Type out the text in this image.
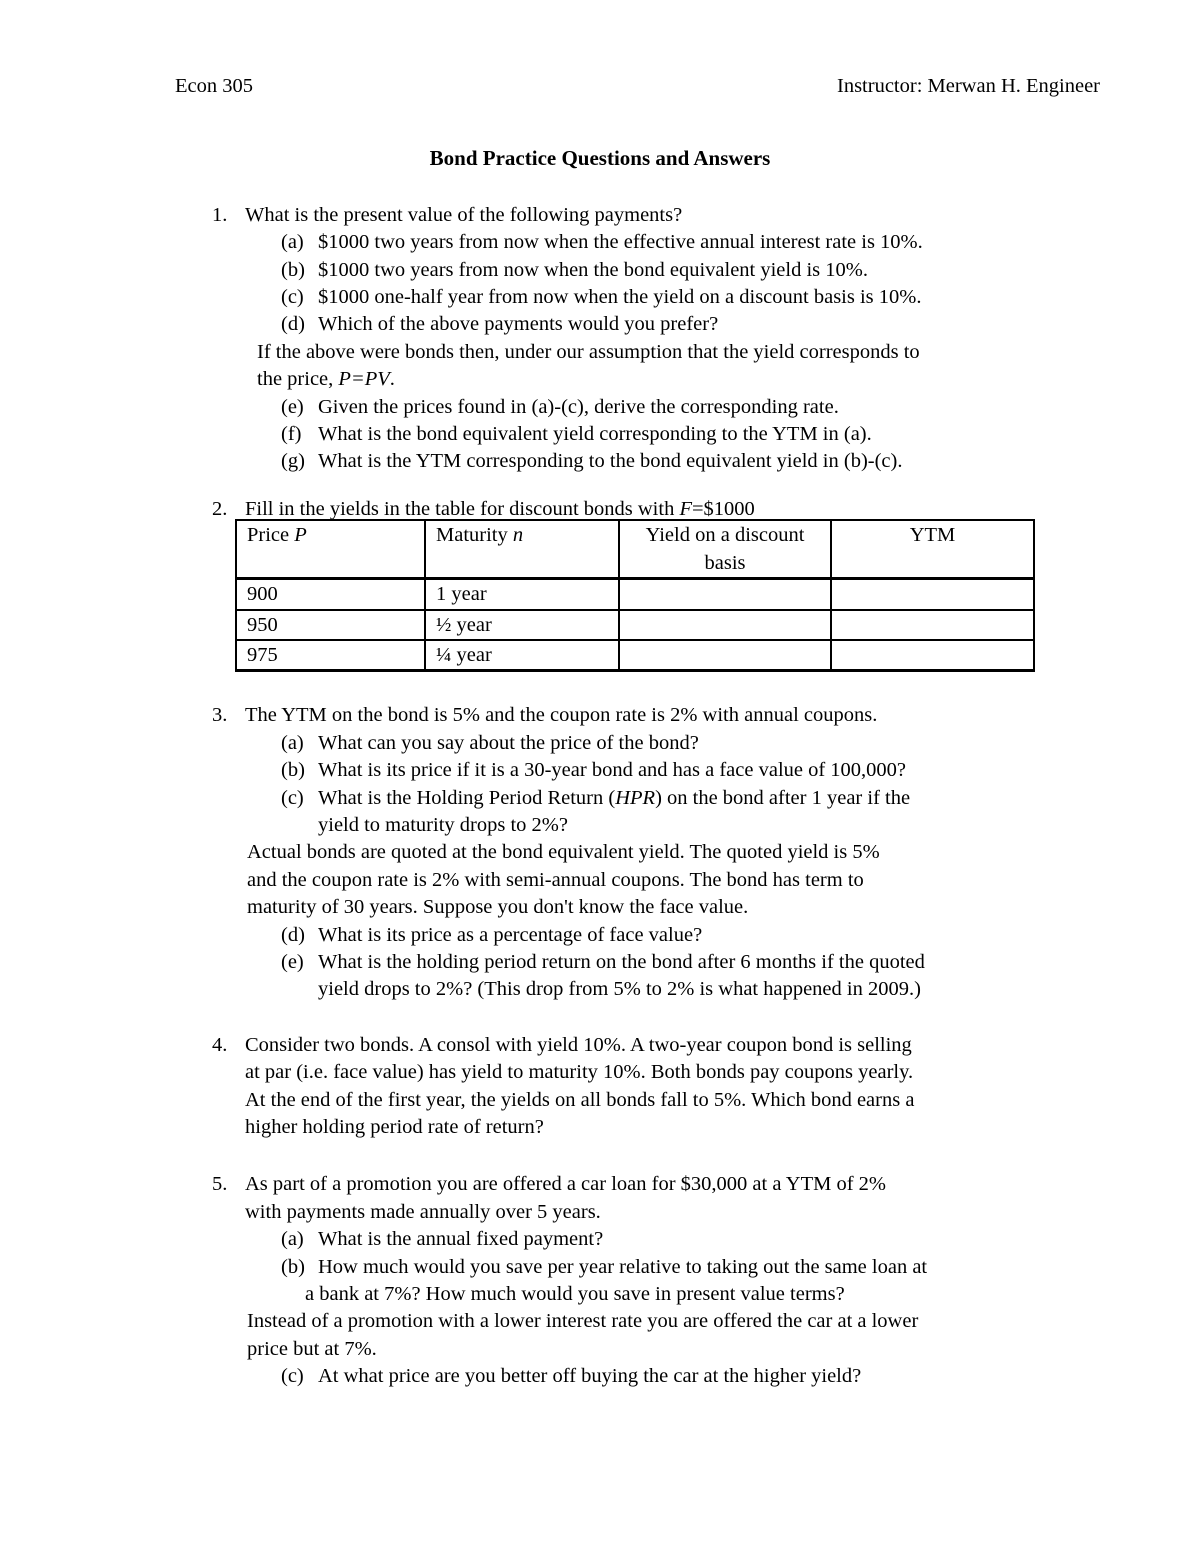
Econ 305	Instructor: Merwan H. Engineer
Bond Practice Questions and Answers
1. What is the present value of the following payments?
(a) $1000 two years from now when the effective annual interest rate is 10%.
(b) $1000 two years from now when the bond equivalent yield is 10%.
(c) $1000 one-half year from now when the yield on a discount basis is 10%.
(d) Which of the above payments would you prefer?
If the above were bonds then, under our assumption that the yield corresponds to
the price, P=PV.
(e) Given the prices found in (a)-(c), derive the corresponding rate.
(f) What is the bond equivalent yield corresponding to the YTM in (a).
(g) What is the YTM corresponding to the bond equivalent yield in (b)-(c).
2. Fill in the yields in the table for discount bonds with F=$1000
Price P	Maturity n	Yield on a discount basis	YTM
900	1 year		
950	½ year		
975	¼ year		
3. The YTM on the bond is 5% and the coupon rate is 2% with annual coupons.
(a) What can you say about the price of the bond?
(b) What is its price if it is a 30-year bond and has a face value of 100,000?
(c) What is the Holding Period Return (HPR) on the bond after 1 year if the
yield to maturity drops to 2%?
Actual bonds are quoted at the bond equivalent yield. The quoted yield is 5%
and the coupon rate is 2% with semi-annual coupons. The bond has term to
maturity of 30 years. Suppose you don't know the face value.
(d) What is its price as a percentage of face value?
(e) What is the holding period return on the bond after 6 months if the quoted
yield drops to 2%? (This drop from 5% to 2% is what happened in 2009.)
4. Consider two bonds. A consol with yield 10%. A two-year coupon bond is selling
at par (i.e. face value) has yield to maturity 10%. Both bonds pay coupons yearly.
At the end of the first year, the yields on all bonds fall to 5%. Which bond earns a
higher holding period rate of return?
5. As part of a promotion you are offered a car loan for $30,000 at a YTM of 2%
with payments made annually over 5 years.
(a) What is the annual fixed payment?
(b) How much would you save per year relative to taking out the same loan at
a bank at 7%? How much would you save in present value terms?
Instead of a promotion with a lower interest rate you are offered the car at a lower
price but at 7%.
(c) At what price are you better off buying the car at the higher yield?
